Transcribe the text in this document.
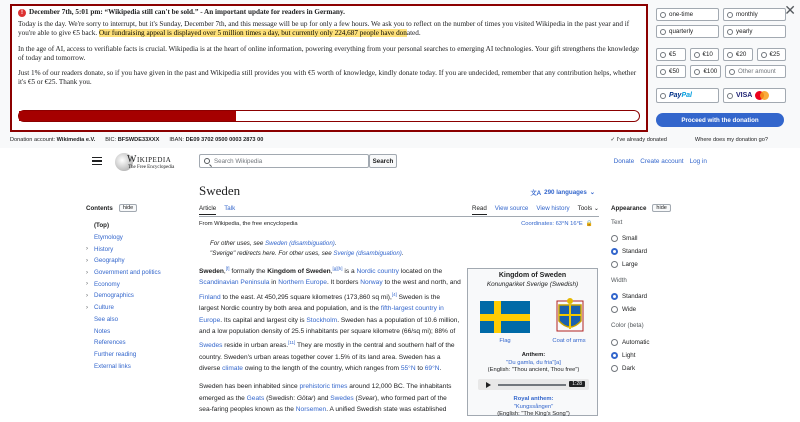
! December 7th, 5:01 pm: “Wikipedia still can't be sold.” - An important update for readers in Germany.

Today is the day. We're sorry to interrupt, but it's Sunday, December 7th, and this message will be up for only a few hours. We ask you to reflect on the number of times you visited Wikipedia in the past year and if you're able to give €5 back. Our fundraising appeal is displayed over 5 million times a day, but currently only 224,687 people have donated.

In the age of AI, access to verifiable facts is crucial. Wikipedia is at the heart of online information, powering everything from your personal searches to emerging AI technologies. Your gift strengthens the knowledge of today and tomorrow.

Just 1% of our readers donate, so if you have given in the past and Wikipedia still provides you with €5 worth of knowledge, kindly donate today. If you are undecided, remember that any contribution helps, whether it's €5 or €25. Thank you.

one-time	monthly
quarterly	yearly
€5	€10	€20	€25
€50	€100	Other amount
PayPal	VISA
Proceed with the donation
✕
Donation account: Wikimedia e.V. BIC: BFSWDE33XXX IBAN: DE09 3702 0500 0003 2873 00	✓ I've already donated	Where does my donation go?
Wikipedia
The Free Encyclopedia
Search Wikipedia	Search	Donate Create account Log in
Contents	hide
(Top)
Etymology
› History
› Geography
› Government and politics
› Economy
› Demographics
› Culture
See also
Notes
References
Further reading
External links
Sweden	文A 290 languages ⌄
Article Talk	Read View source View history Tools ⌄
From Wikipedia, the free encyclopedia	Coordinates: 63°N 16°E 🔒
For other uses, see Sweden (disambiguation).
"Sverige" redirects here. For other uses, see Sverige (disambiguation).

Sweden,[f] formally the Kingdom of Sweden,[g][h] is a Nordic country located on the Scandinavian Peninsula in Northern Europe. It borders Norway to the west and north, and Finland to the east. At 450,295 square kilometres (173,860 sq mi),[4] Sweden is the largest Nordic country by both area and population, and is the fifth-largest country in Europe. Its capital and largest city is Stockholm. Sweden has a population of 10.6 million, and a low population density of 25.5 inhabitants per square kilometre (66/sq mi); 88% of Swedes reside in urban areas.[11] They are mostly in the central and southern half of the country. Sweden's urban areas together cover 1.5% of its land area. Sweden has a diverse climate owing to the length of the country, which ranges from 55°N to 69°N.

Sweden has been inhabited since prehistoric times around 12,000 BC. The inhabitants emerged as the Geats (Swedish: Götar) and Swedes (Svear), who formed part of the sea-faring peoples known as the Norsemen. A unified Swedish state was established

Kingdom of Sweden
Konungariket Sverige (Swedish)
Flag	Coat of arms
Anthem:
"Du gamla, du fria"[a]
(English: "Thou ancient, Thou free")
1:28
Royal anthem:
"Kungssången"
(English: "The King's Song")
Appearance	hide
Text
Small
Standard
Large
Width
Standard
Wide
Color (beta)
Automatic
Light
Dark
